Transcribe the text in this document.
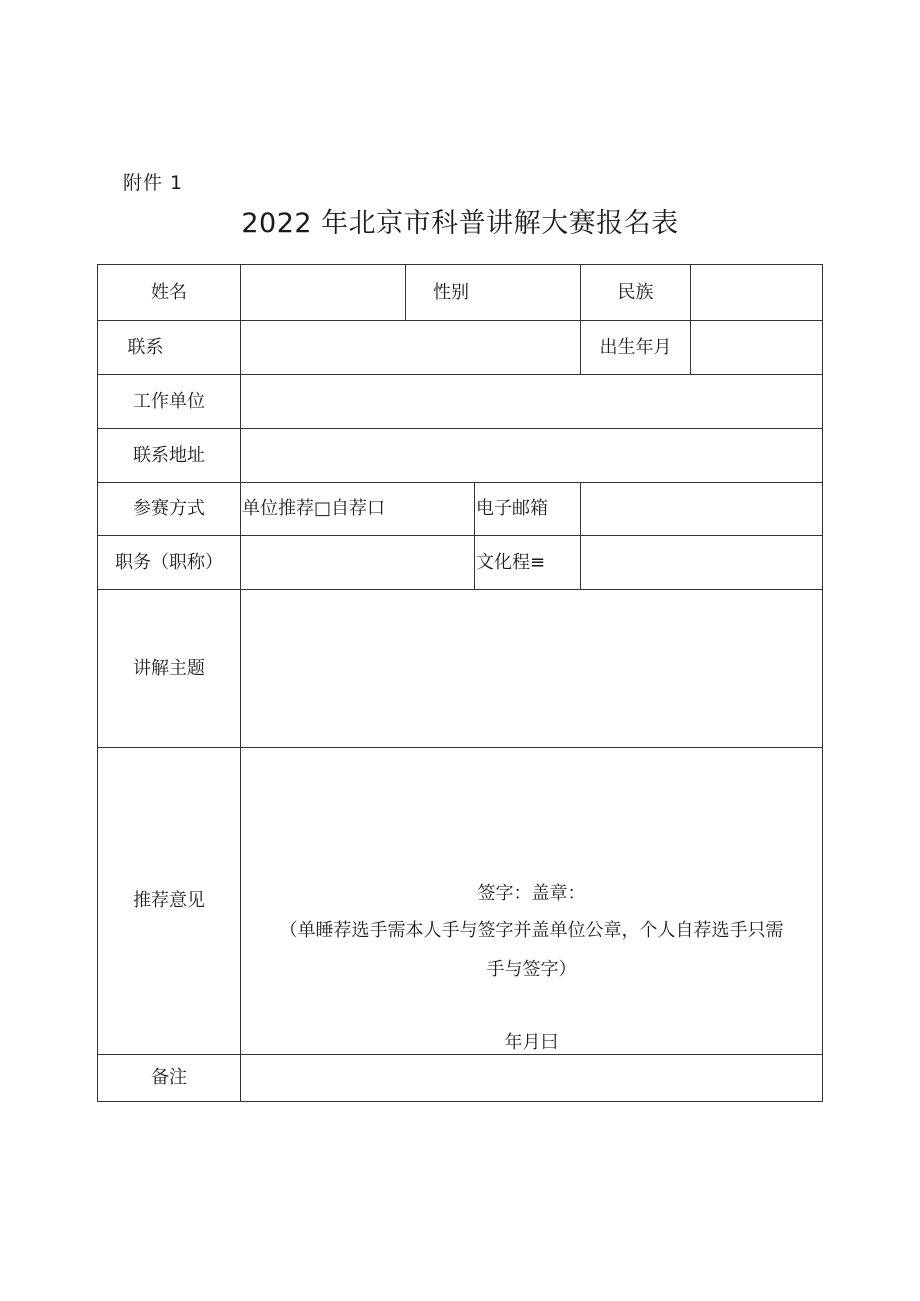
附件 1
2022 年北京市科普讲解大赛报名表
姓名	性别	民族
联系	出生年月
工作单位
联系地址
参赛方式	单位推荐□自荐口	电子邮箱
职务（职称）	文化程≡
讲解主题
推荐意见	签字：盖章：
（单睡荐选手需本人手与签字并盖单位公章，个人自荐选手只需
手与签字）
年月曰
备注
